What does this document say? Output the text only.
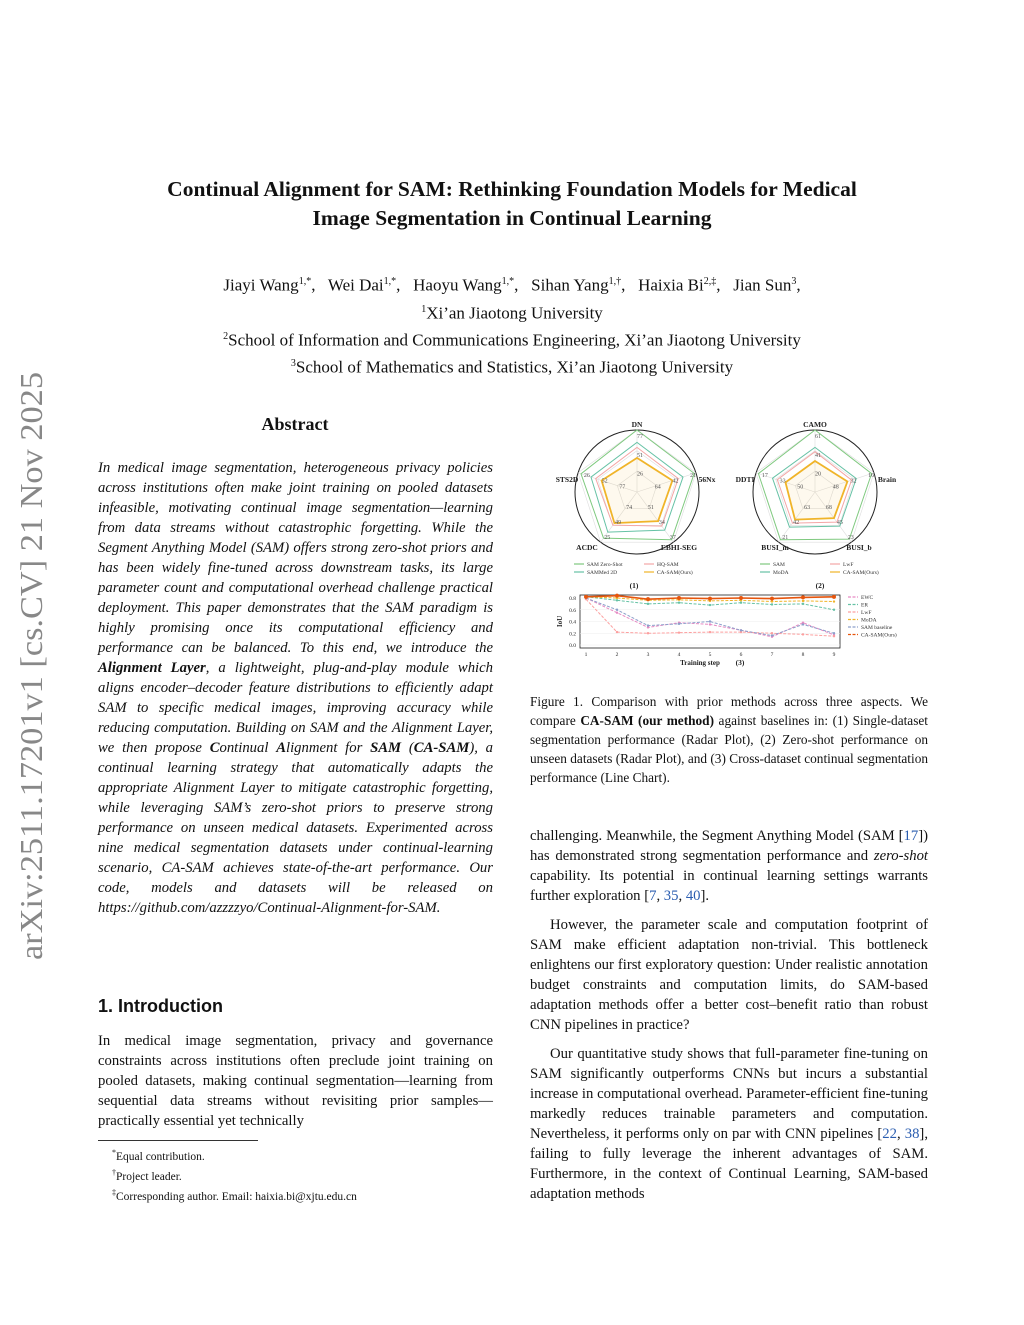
arXiv:2511.17201v1 [cs.CV] 21 Nov 2025
Continual Alignment for SAM: Rethinking Foundation Models for Medical
Image Segmentation in Continual Learning
Jiayi Wang$^{1,*}$,   Wei Dai$^{1,*}$,   Haoyu Wang$^{1,*}$,   Sihan Yang$^{1,\dagger}$,   Haixia $Bi^{2,\ddagger}$,   Jian Sun$^3$,
$^1$Xi’an Jiaotong University
$^2$School of Information and Communications Engineering, Xi’an Jiaotong University
$^3$School of Mathematics and Statistics, Xi’an Jiaotong University
Abstract
In medical image segmentation, heterogeneous privacy policies across institutions often make joint training on pooled datasets infeasible, motivating continual image segmentation—learning from data streams without catastrophic forgetting. While the Segment Anything Model (SAM) offers strong zero-shot priors and has been widely fine-tuned across downstream tasks, its large parameter count and computational overhead challenge practical deployment. This paper demonstrates that the SAM paradigm is highly promising once its computational efficiency and performance can be balanced. To this end, we introduce the Alignment Layer, a lightweight, plug-and-play module which aligns encoder–decoder feature distributions to efficiently adapt SAM to specific medical images, improving accuracy while reducing computation. Building on SAM and the Alignment Layer, we then propose Continual Alignment for SAM (CA-SAM), a continual learning strategy that automatically adapts the appropriate Alignment Layer to mitigate catastrophic forgetting, while leveraging SAM’s zero-shot priors to preserve strong performance on unseen medical datasets. Experimented across nine medical segmentation datasets under continual-learning scenario, CA-SAM achieves state-of-the-art performance. Our code, models and datasets will be released on https://github.com/azzzzyo/Continual-Alignment-for-SAM.
1. Introduction
In medical image segmentation, privacy and governance constraints across institutions often preclude joint training on pooled datasets, making continual segmentation—learning from sequential data streams without revisiting prior samples—practically essential yet technically
*Equal contribution.
†Project leader.
‡Corresponding author. Email: haixia.bi@xjtu.edu.cn
77
51
26	21
42
64
37
34
51
25
49
74
26
52
77
DN
56Nx
EBHI-SEG
ACDC
STS2D
61
41
20	16
32
48
23
45
68
21
42
63
17
33
50
CAMO
Brain
BUSI_b
BUSI_m
DDTI
SAM Zero-Shot	HQ-SAM
SAMMed 2D	CA-SAM(Ours)
(1)
SAM	LwF
MoDA	CA-SAM(Ours)
(2)
0.0
0.2
0.4
0.6
0.8
1	2	3	4	5	6	7	8	9
Training step (3)
IoU
EWC
ER
LwF
MoDA
SAM baseline
CA-SAM(Ours)
Figure 1. Comparison with prior methods across three aspects. We compare CA-SAM (our method) against baselines in: (1) Single-dataset segmentation performance (Radar Plot), (2) Zero-shot performance on unseen datasets (Radar Plot), and (3) Cross-dataset continual segmentation performance (Line Chart).

challenging. Meanwhile, the Segment Anything Model (SAM [17]) has demonstrated strong segmentation performance and zero-shot capability. Its potential in continual learning settings warrants further exploration [7, 35, 40].

However, the parameter scale and computation footprint of SAM make efficient adaptation non-trivial. This bottleneck enlightens our first exploratory question: Under realistic annotation budget constraints and computation limits, do SAM-based adaptation methods offer a better cost–benefit ratio than robust CNN pipelines in practice?

Our quantitative study shows that full-parameter fine-tuning on SAM significantly outperforms CNNs but incurs a substantial increase in computational overhead. Parameter-efficient fine-tuning markedly reduces trainable parameters and computation. Nevertheless, it performs only on par with CNN pipelines [22, 38], failing to fully leverage the inherent advantages of SAM. Furthermore, in the context of Continual Learning, SAM-based adaptation methods
